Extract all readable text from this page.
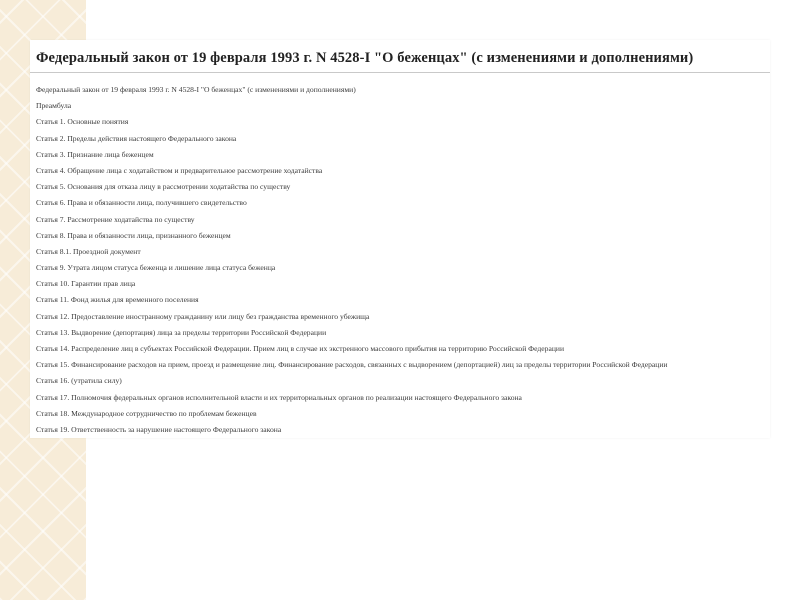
Федеральный закон от 19 февраля 1993 г. N 4528-I "О беженцах" (с изменениями и дополнениями)
Федеральный закон от 19 февраля 1993 г. N 4528-I "О беженцах" (с изменениями и дополнениями)
Преамбула
Статья 1. Основные понятия
Статья 2. Пределы действия настоящего Федерального закона
Статья 3. Признание лица беженцем
Статья 4. Обращение лица с ходатайством и предварительное рассмотрение ходатайства
Статья 5. Основания для отказа лицу в рассмотрении ходатайства по существу
Статья 6. Права и обязанности лица, получившего свидетельство
Статья 7. Рассмотрение ходатайства по существу
Статья 8. Права и обязанности лица, признанного беженцем
Статья 8.1. Проездной документ
Статья 9. Утрата лицом статуса беженца и лишение лица статуса беженца
Статья 10. Гарантии прав лица
Статья 11. Фонд жилья для временного поселения
Статья 12. Предоставление иностранному гражданину или лицу без гражданства временного убежища
Статья 13. Выдворение (депортация) лица за пределы территории Российской Федерации
Статья 14. Распределение лиц в субъектах Российской Федерации. Прием лиц в случае их экстренного массового прибытия на территорию Российской Федерации
Статья 15. Финансирование расходов на прием, проезд и размещение лиц. Финансирование расходов, связанных с выдворением (депортацией) лиц за пределы территории Российской Федерации
Статья 16. (утратила силу)
Статья 17. Полномочия федеральных органов исполнительной власти и их территориальных органов по реализации настоящего Федерального закона
Статья 18. Международное сотрудничество по проблемам беженцев
Статья 19. Ответственность за нарушение настоящего Федерального закона
